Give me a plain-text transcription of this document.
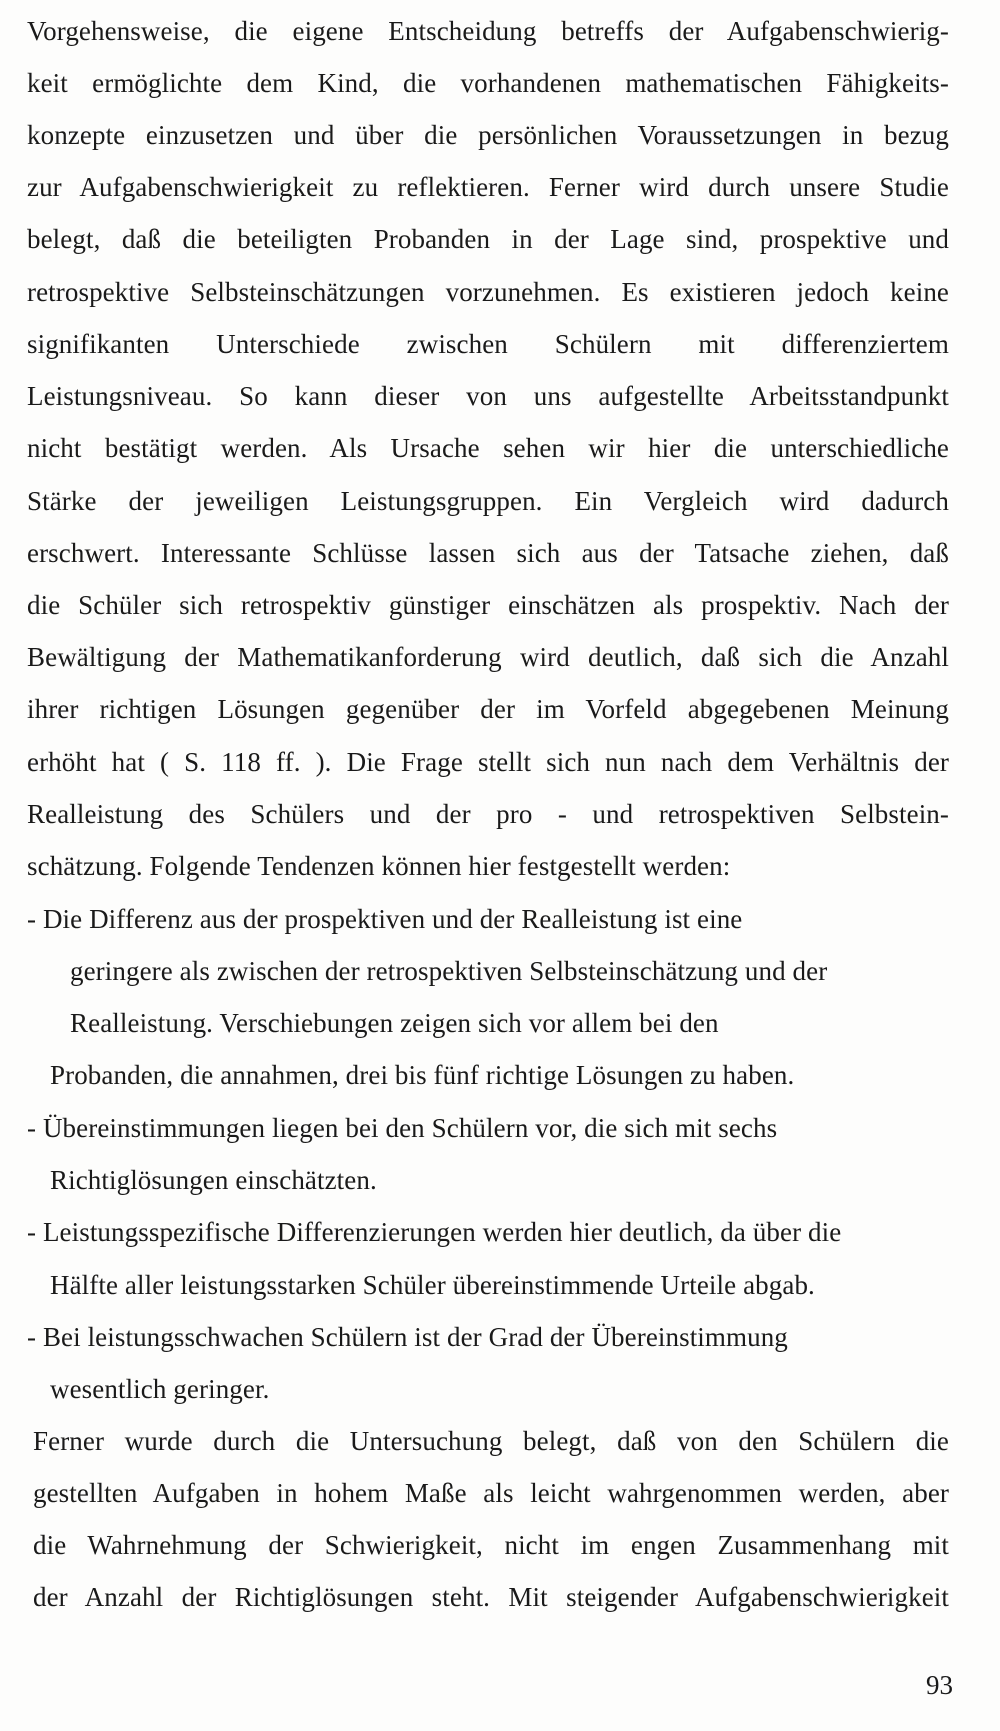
Vorgehensweise, die eigene Entscheidung betreffs der Aufgabenschwierig-
keit ermöglichte dem Kind, die vorhandenen mathematischen Fähigkeits-
konzepte einzusetzen und über die persönlichen Voraussetzungen in bezug
zur Aufgabenschwierigkeit zu reflektieren. Ferner wird durch unsere Studie
belegt, daß die beteiligten Probanden in der Lage sind, prospektive und
retrospektive Selbsteinschätzungen vorzunehmen. Es existieren jedoch keine
signifikanten Unterschiede zwischen Schülern mit differenziertem
Leistungsniveau. So kann dieser von uns aufgestellte Arbeitsstandpunkt
nicht bestätigt werden. Als Ursache sehen wir hier die unterschiedliche
Stärke der jeweiligen Leistungsgruppen. Ein Vergleich wird dadurch
erschwert. Interessante Schlüsse lassen sich aus der Tatsache ziehen, daß
die Schüler sich retrospektiv günstiger einschätzen als prospektiv. Nach der
Bewältigung der Mathematikanforderung wird deutlich, daß sich die Anzahl
ihrer richtigen Lösungen gegenüber der im Vorfeld abgegebenen Meinung
erhöht hat ( S. 118 ff. ). Die Frage stellt sich nun nach dem Verhältnis der
Realleistung des Schülers und der pro - und retrospektiven Selbstein-
schätzung. Folgende Tendenzen können hier festgestellt werden:
- Die Differenz aus der prospektiven und der Realleistung ist eine
geringere als zwischen der retrospektiven Selbsteinschätzung und der
Realleistung. Verschiebungen zeigen sich vor allem bei den
Probanden, die annahmen, drei bis fünf richtige Lösungen zu haben.
- Übereinstimmungen liegen bei den Schülern vor, die sich mit sechs
Richtiglösungen einschätzten.
- Leistungsspezifische Differenzierungen werden hier deutlich, da über die
Hälfte aller leistungsstarken Schüler übereinstimmende Urteile abgab.
- Bei leistungsschwachen Schülern ist der Grad der Übereinstimmung
wesentlich geringer.
Ferner wurde durch die Untersuchung belegt, daß von den Schülern die
gestellten Aufgaben in hohem Maße als leicht wahrgenommen werden, aber
die Wahrnehmung der Schwierigkeit, nicht im engen Zusammenhang mit
der Anzahl der Richtiglösungen steht. Mit steigender Aufgabenschwierigkeit
93
